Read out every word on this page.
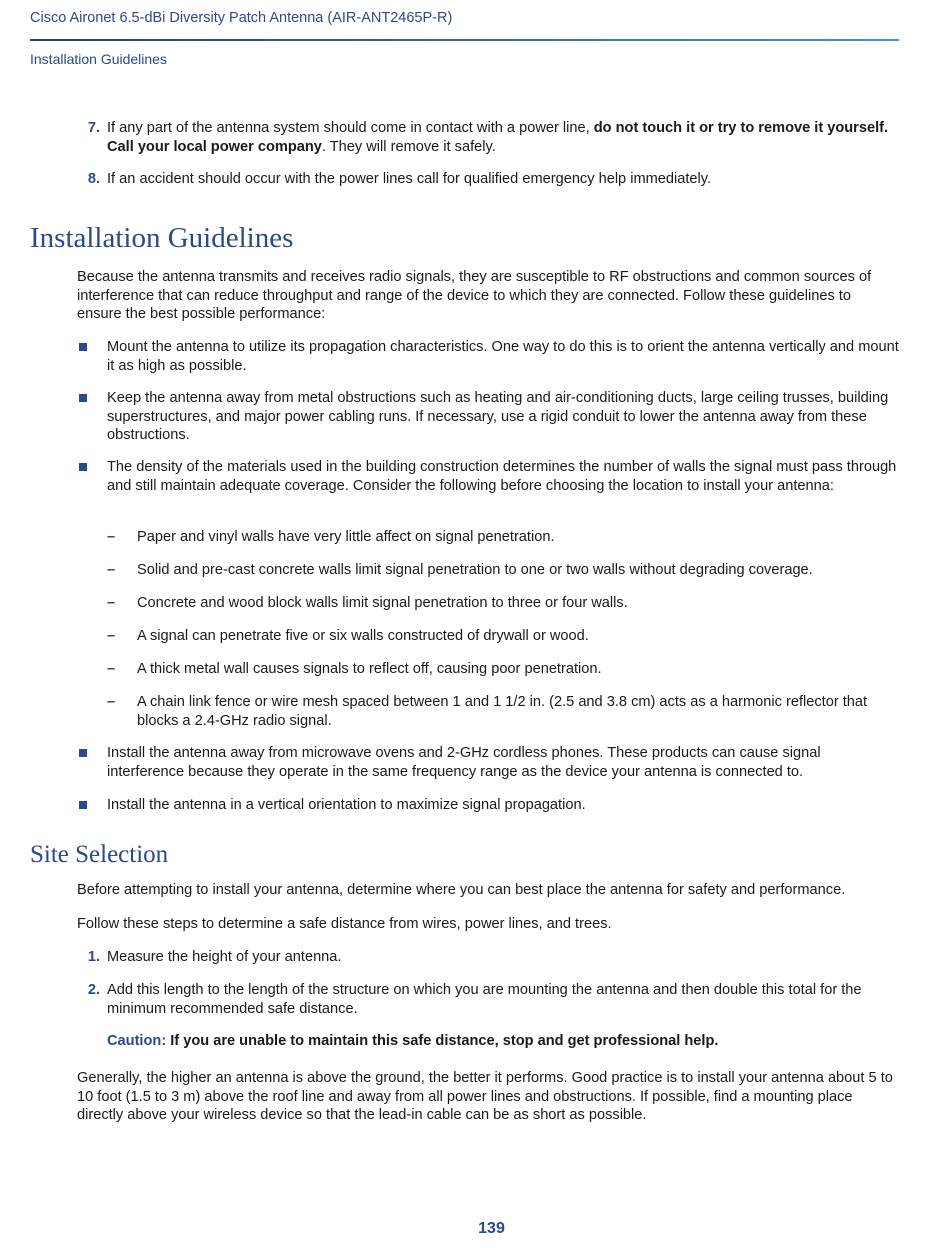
Cisco Aironet 6.5-dBi Diversity Patch Antenna (AIR-ANT2465P-R)
Installation Guidelines
7. If any part of the antenna system should come in contact with a power line, do not touch it or try to remove it yourself. Call your local power company. They will remove it safely.
8. If an accident should occur with the power lines call for qualified emergency help immediately.
Installation Guidelines
Because the antenna transmits and receives radio signals, they are susceptible to RF obstructions and common sources of interference that can reduce throughput and range of the device to which they are connected. Follow these guidelines to ensure the best possible performance:
Mount the antenna to utilize its propagation characteristics. One way to do this is to orient the antenna vertically and mount it as high as possible.
Keep the antenna away from metal obstructions such as heating and air-conditioning ducts, large ceiling trusses, building superstructures, and major power cabling runs. If necessary, use a rigid conduit to lower the antenna away from these obstructions.
The density of the materials used in the building construction determines the number of walls the signal must pass through and still maintain adequate coverage. Consider the following before choosing the location to install your antenna:
– Paper and vinyl walls have very little affect on signal penetration.
– Solid and pre-cast concrete walls limit signal penetration to one or two walls without degrading coverage.
– Concrete and wood block walls limit signal penetration to three or four walls.
– A signal can penetrate five or six walls constructed of drywall or wood.
– A thick metal wall causes signals to reflect off, causing poor penetration.
– A chain link fence or wire mesh spaced between 1 and 1 1/2 in. (2.5 and 3.8 cm) acts as a harmonic reflector that blocks a 2.4-GHz radio signal.
Install the antenna away from microwave ovens and 2-GHz cordless phones. These products can cause signal interference because they operate in the same frequency range as the device your antenna is connected to.
Install the antenna in a vertical orientation to maximize signal propagation.
Site Selection
Before attempting to install your antenna, determine where you can best place the antenna for safety and performance.
Follow these steps to determine a safe distance from wires, power lines, and trees.
1. Measure the height of your antenna.
2. Add this length to the length of the structure on which you are mounting the antenna and then double this total for the minimum recommended safe distance.
Caution: If you are unable to maintain this safe distance, stop and get professional help.
Generally, the higher an antenna is above the ground, the better it performs. Good practice is to install your antenna about 5 to 10 foot (1.5 to 3 m) above the roof line and away from all power lines and obstructions. If possible, find a mounting place directly above your wireless device so that the lead-in cable can be as short as possible.
139
